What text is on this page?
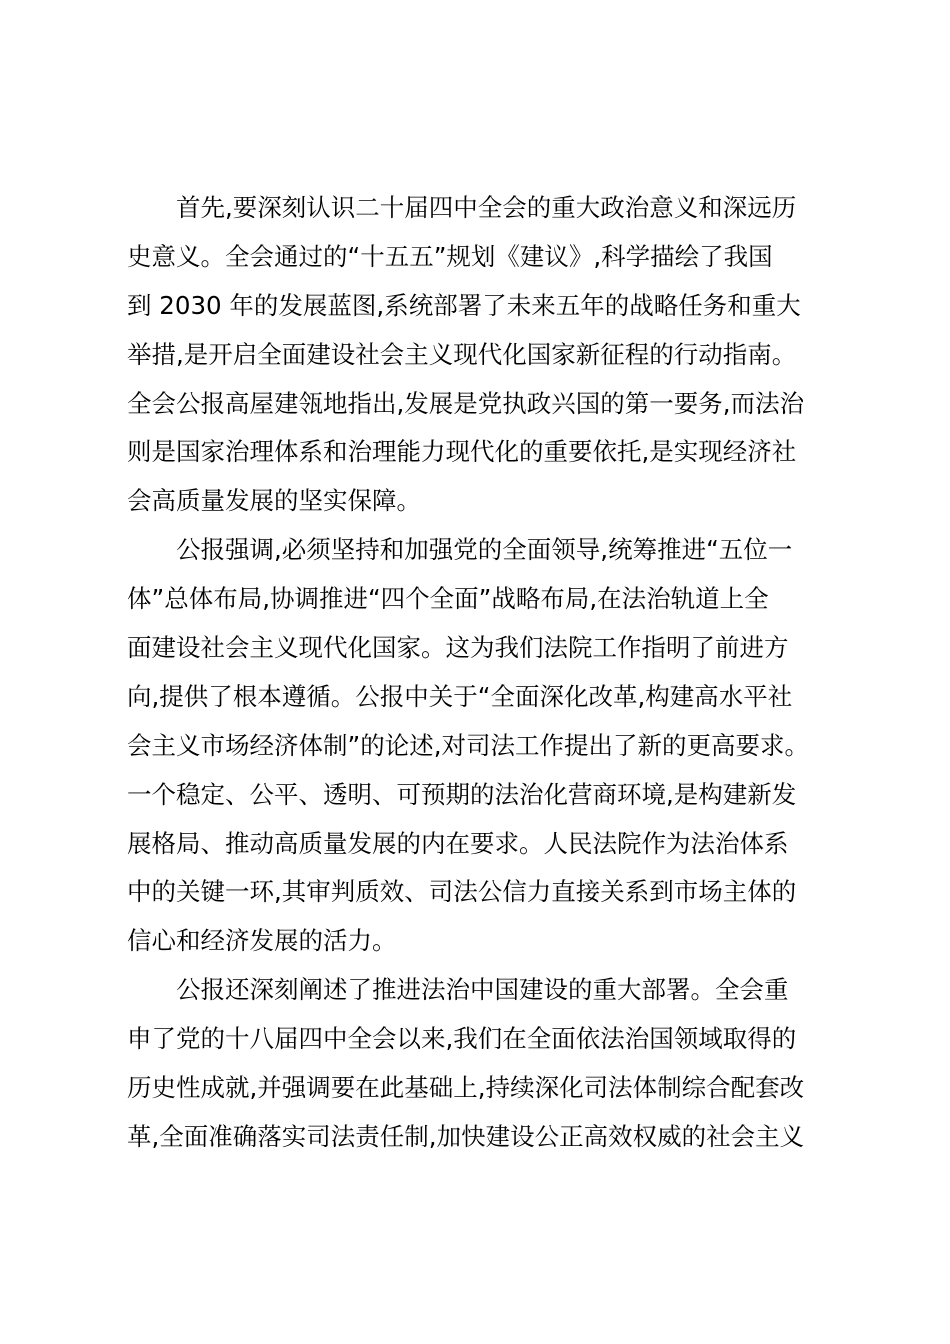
首先,要深刻认识二十届四中全会的重大政治意义和深远历
史意义。全会通过的“十五五”规划《建议》,科学描绘了我国
到 2030 年的发展蓝图,系统部署了未来五年的战略任务和重大
举措,是开启全面建设社会主义现代化国家新征程的行动指南。
全会公报高屋建瓴地指出,发展是党执政兴国的第一要务,而法治
则是国家治理体系和治理能力现代化的重要依托,是实现经济社
会高质量发展的坚实保障。
公报强调,必须坚持和加强党的全面领导,统筹推进“五位一
体”总体布局,协调推进“四个全面”战略布局,在法治轨道上全
面建设社会主义现代化国家。这为我们法院工作指明了前进方
向,提供了根本遵循。公报中关于“全面深化改革,构建高水平社
会主义市场经济体制”的论述,对司法工作提出了新的更高要求。
一个稳定、公平、透明、可预期的法治化营商环境,是构建新发
展格局、推动高质量发展的内在要求。人民法院作为法治体系
中的关键一环,其审判质效、司法公信力直接关系到市场主体的
信心和经济发展的活力。
公报还深刻阐述了推进法治中国建设的重大部署。全会重
申了党的十八届四中全会以来,我们在全面依法治国领域取得的
历史性成就,并强调要在此基础上,持续深化司法体制综合配套改
革,全面准确落实司法责任制,加快建设公正高效权威的社会主义
